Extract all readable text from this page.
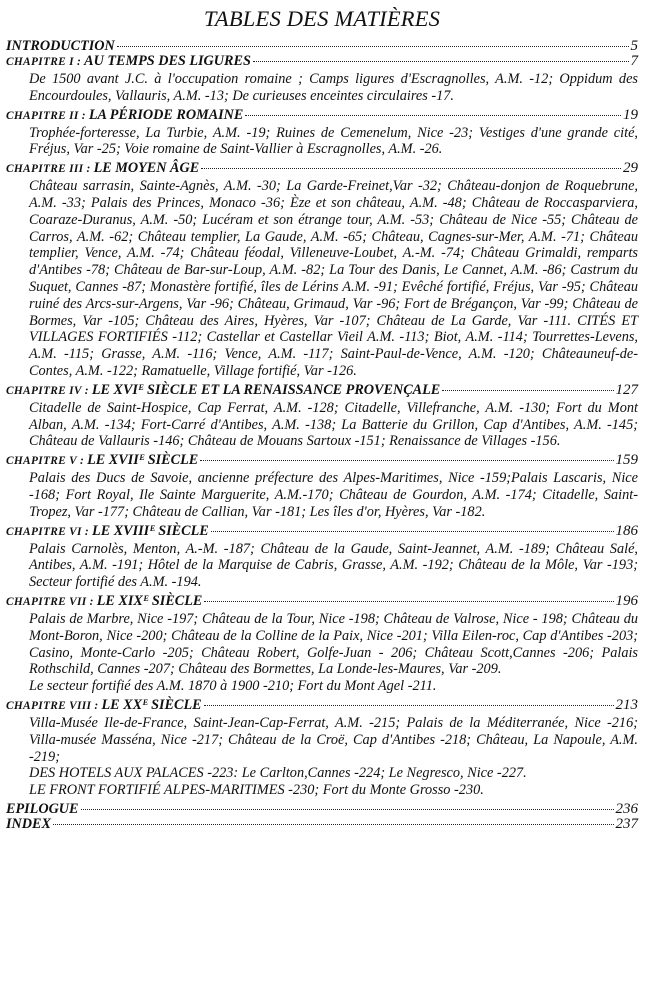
TABLES DES MATIÈRES
INTRODUCTION	5
CHAPITRE I : AU TEMPS DES LIGURES	7

De 1500 avant J.C. à l'occupation romaine ; Camps ligures d'Escragnolles, A.M. -12; Oppidum des Encourdoules, Vallauris, A.M. -13; De curieuses enceintes circulaires -17.

CHAPITRE II : LA PÉRIODE ROMAINE	19

Trophée-forteresse, La Turbie, A.M. -19; Ruines de Cemenelum, Nice -23; Vestiges d'une grande cité, Fréjus, Var -25; Voie romaine de Saint-Vallier à Escragnolles, A.M. -26.

CHAPITRE III : LE MOYEN ÂGE	29

Château sarrasin, Sainte-Agnès, A.M. -30; La Garde-Freinet,Var -32; Château-donjon de Roquebrune, A.M. -33; Palais des Princes, Monaco -36; Èze et son château, A.M. -48; Château de Roccasparviera, Coaraze-Duranus, A.M. -50; Lucéram et son étrange tour, A.M. -53; Château de Nice -55; Château de Carros, A.M. -62; Château templier, La Gaude, A.M. -65; Château, Cagnes-sur-Mer, A.M. -71; Château templier, Vence, A.M. -74; Château féodal, Villeneuve-Loubet, A.-M. -74; Château Grimaldi, remparts d'Antibes -78; Château de Bar-sur-Loup, A.M. -82; La Tour des Danis, Le Cannet, A.M. -86; Castrum du Suquet, Cannes -87; Monastère fortifié, îles de Lérins A.M. -91; Evêché fortifié, Fréjus, Var -95; Château ruiné des Arcs-sur-Argens, Var -96; Château, Grimaud, Var -96; Fort de Brégançon, Var -99; Château de Bormes, Var -105; Château des Aires, Hyères, Var -107; Château de La Garde, Var -111. CITÉS ET VILLAGES FORTIFIÉS -112; Castellar et Castellar Vieil A.M. -113; Biot, A.M. -114; Tourrettes-Levens, A.M. -115; Grasse, A.M. -116; Vence, A.M. -117; Saint-Paul-de-Vence, A.M. -120; Châteauneuf-de-Contes, A.M. -122; Ramatuelle, Village fortifié, Var -126.

CHAPITRE IV : LE XVIᴱ SIÈCLE ET LA RENAISSANCE PROVENÇALE	127

Citadelle de Saint-Hospice, Cap Ferrat, A.M. -128; Citadelle, Villefranche, A.M. -130; Fort du Mont Alban, A.M. -134; Fort-Carré d'Antibes, A.M. -138; La Batterie du Grillon, Cap d'Antibes, A.M. -145; Château de Vallauris -146; Château de Mouans Sartoux -151; Renaissance de Villages -156.

CHAPITRE V : LE XVIIᴱ SIÈCLE	159

Palais des Ducs de Savoie, ancienne préfecture des Alpes-Maritimes, Nice -159;Palais Lascaris, Nice -168; Fort Royal, Ile Sainte Marguerite, A.M.-170; Château de Gourdon, A.M. -174; Citadelle, Saint-Tropez, Var -177; Château de Callian, Var -181; Les îles d'or, Hyères, Var -182.

CHAPITRE VI : LE XVIIIᴱ SIÈCLE	186

Palais Carnolès, Menton, A.-M. -187; Château de la Gaude, Saint-Jeannet, A.M. -189; Château Salé, Antibes, A.M. -191; Hôtel de la Marquise de Cabris, Grasse, A.M. -192; Château de la Môle, Var -193; Secteur fortifié des A.M. -194.

CHAPITRE VII : LE XIXᴱ SIÈCLE	196

Palais de Marbre, Nice -197; Château de la Tour, Nice -198; Château de Valrose, Nice - 198; Château du Mont-Boron, Nice -200; Château de la Colline de la Paix, Nice -201; Villa Eilen-roc, Cap d'Antibes -203; Casino, Monte-Carlo -205; Château Robert, Golfe-Juan - 206; Château Scott,Cannes -206; Palais Rothschild, Cannes -207; Château des Bormettes, La Londe-les-Maures, Var -209.

Le secteur fortifié des A.M. 1870 à 1900 -210; Fort du Mont Agel -211.

CHAPITRE VIII : LE XXᴱ SIÈCLE	213

Villa-Musée Ile-de-France, Saint-Jean-Cap-Ferrat, A.M. -215; Palais de la Méditerranée, Nice -216; Villa-musée Masséna, Nice -217; Château de la Croë, Cap d'Antibes -218; Château, La Napoule, A.M. -219;

DES HOTELS AUX PALACES -223: Le Carlton,Cannes -224; Le Negresco, Nice -227.

LE FRONT FORTIFIÉ ALPES-MARITIMES -230; Fort du Monte Grosso -230.

EPILOGUE	236
INDEX	237
